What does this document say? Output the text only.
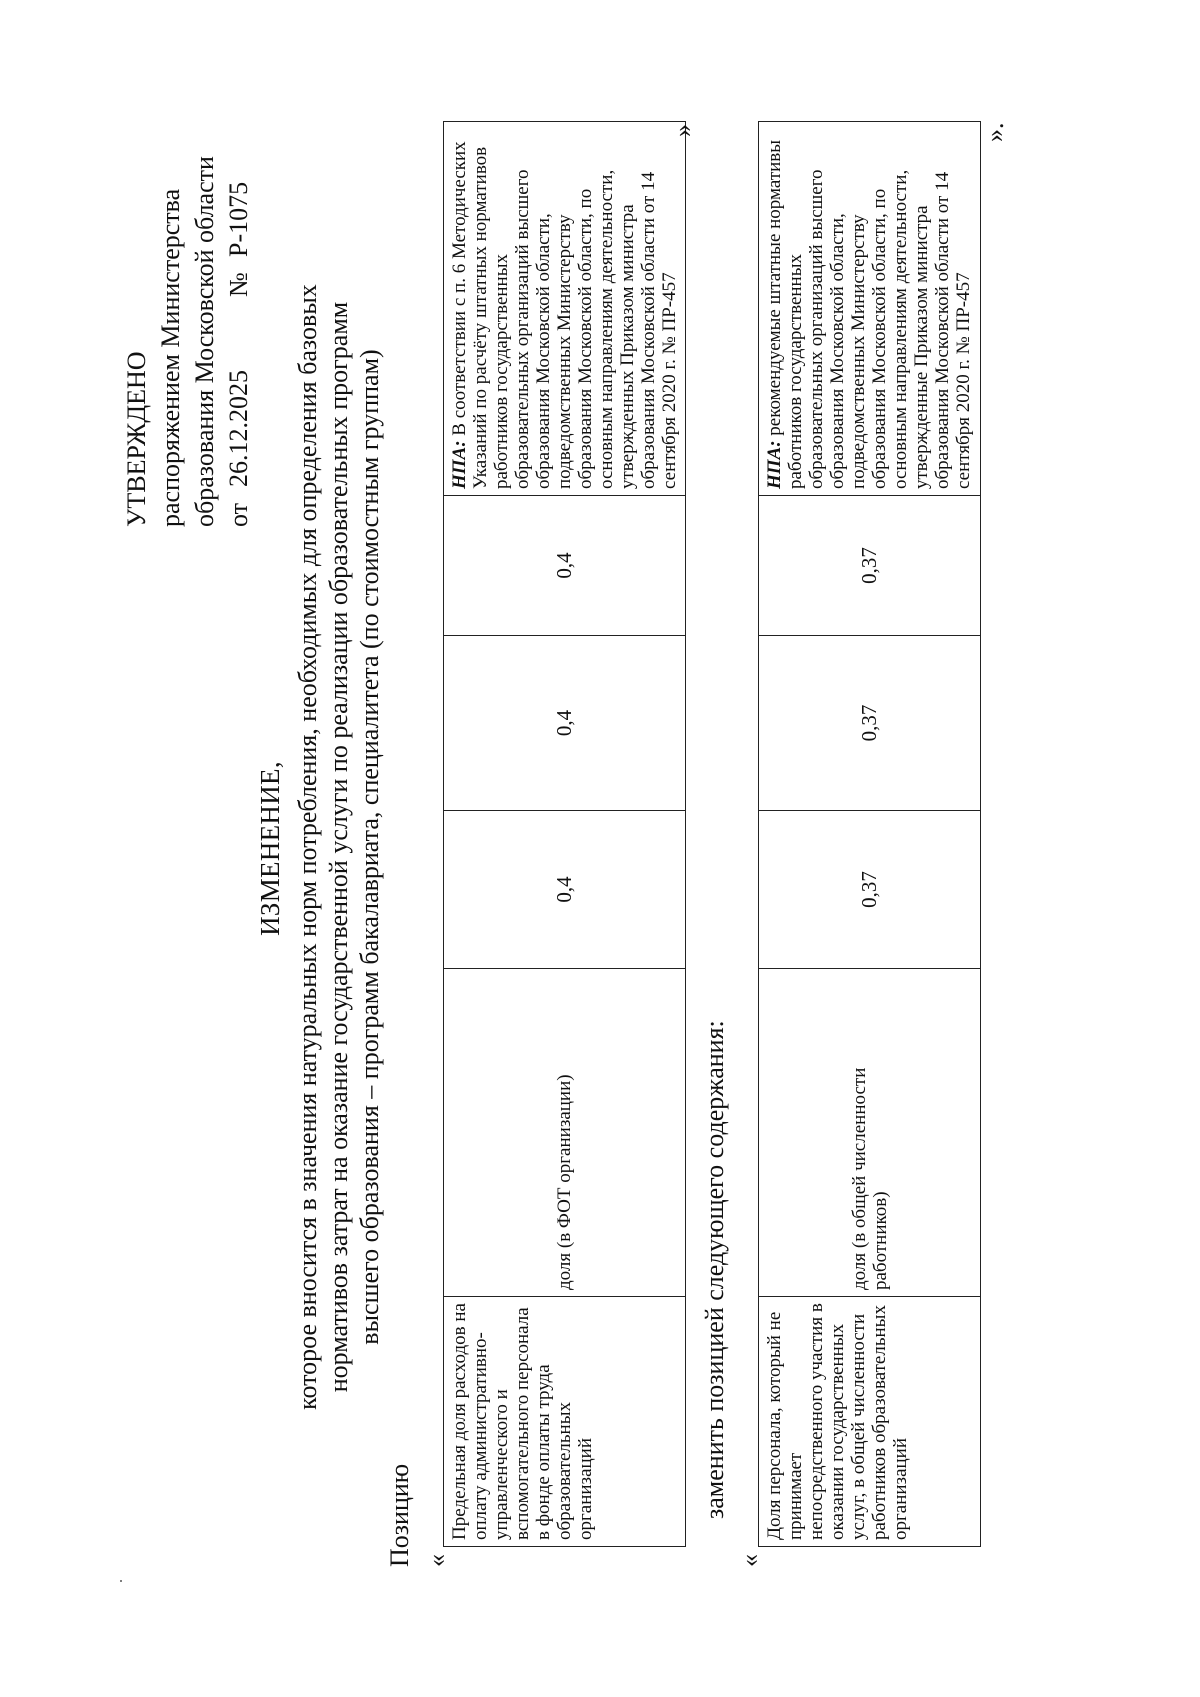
УТВЕРЖДЕНО распоряжением Министерства образования Московской области от26.12.2025№Р-1075
ИЗМЕНЕНИЕ, которое вносится в значения натуральных норм потребления, необходимых для определения базовых нормативов затрат на оказание государственной услуги по реализации образовательных программ высшего образования – программ бакалавриата, специалитета (по стоимостным группам)
Позицию «
Предельная доля расходов на оплату административно-управленческого и вспомогательного персонала в фонде оплаты труда образовательных организаций	доля (в ФОТ организации)	0,4	0,4	0,4	НПА: В соответствии с п. 6 Методических Указаний по расчёту штатных нормативов работников государственных образовательных организаций высшего образования Московской области, подведомственных Министерству образования Московской области, по основным направлениям деятельности, утвержденных Приказом министра образования Московской области от 14 сентября 2020 г. № ПР-457
»
заменить позицией следующего содержания:
«
Доля персонала, который не принимает непосредственного участия в оказании государственных услуг, в общей численности работников образовательных организаций	доля (в общей численности работников)	0,37	0,37	0,37	НПА: рекомендуемые штатные нормативы работников государственных образовательных организаций высшего образования Московской области, подведомственных Министерству образования Московской области, по основным направлениям деятельности, утвержденные Приказом министра образования Московской области от 14 сентября 2020 г. № ПР-457
».
